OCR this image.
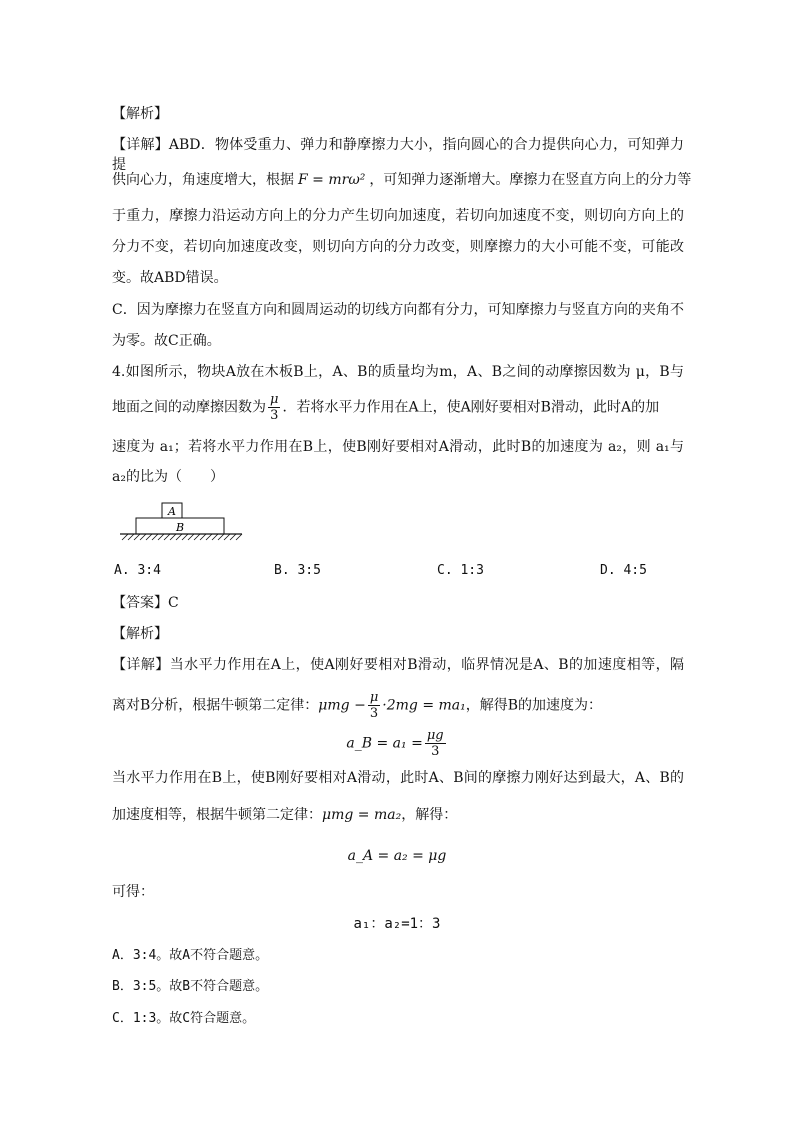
【解析】
【详解】ABD．物体受重力、弹力和静摩擦力大小，指向圆心的合力提供向心力，可知弹力提
供向心力，角速度增大，根据 F = mrω² ，可知弹力逐渐增大。摩擦力在竖直方向上的分力等
于重力，摩擦力沿运动方向上的分力产生切向加速度，若切向加速度不变，则切向方向上的
分力不变，若切向加速度改变，则切向方向的分力改变，则摩擦力的大小可能不变，可能改
变。故ABD错误。
C．因为摩擦力在竖直方向和圆周运动的切线方向都有分力，可知摩擦力与竖直方向的夹角不
为零。故C正确。
4.如图所示，物块A放在木板B上，A、B的质量均为m，A、B之间的动摩擦因数为 μ，B与
地面之间的动摩擦因数为 $\frac{\mu}{3}$ ．若将水平力作用在A上，使A刚好要相对B滑动，此时A的加
速度为 a₁；若将水平力作用在B上，使B刚好要相对A滑动，此时B的加速度为 a₂，则 a₁与
a₂的比为（　　）
A
B
A. 3:4	B. 3:5	C. 1:3	D. 4:5
【答案】C
【解析】
【详解】当水平力作用在A上，使A刚好要相对B滑动，临界情况是A、B的加速度相等，隔
离对B分析，根据牛顿第二定律：$\mu mg - \frac{\mu}{3} \cdot 2mg = ma_1$，解得B的加速度为：
a_B = $a_1 = \frac{\mu g}{3}$
当水平力作用在B上，使B刚好要相对A滑动，此时A、B间的摩擦力刚好达到最大，A、B的
加速度相等，根据牛顿第二定律：μmg = ma₂，解得：
a_A = a₂ = μg
可得：
a₁：a₂=1：3
A．3:4。故A不符合题意。
B．3:5。故B不符合题意。
C．1:3。故C符合题意。
